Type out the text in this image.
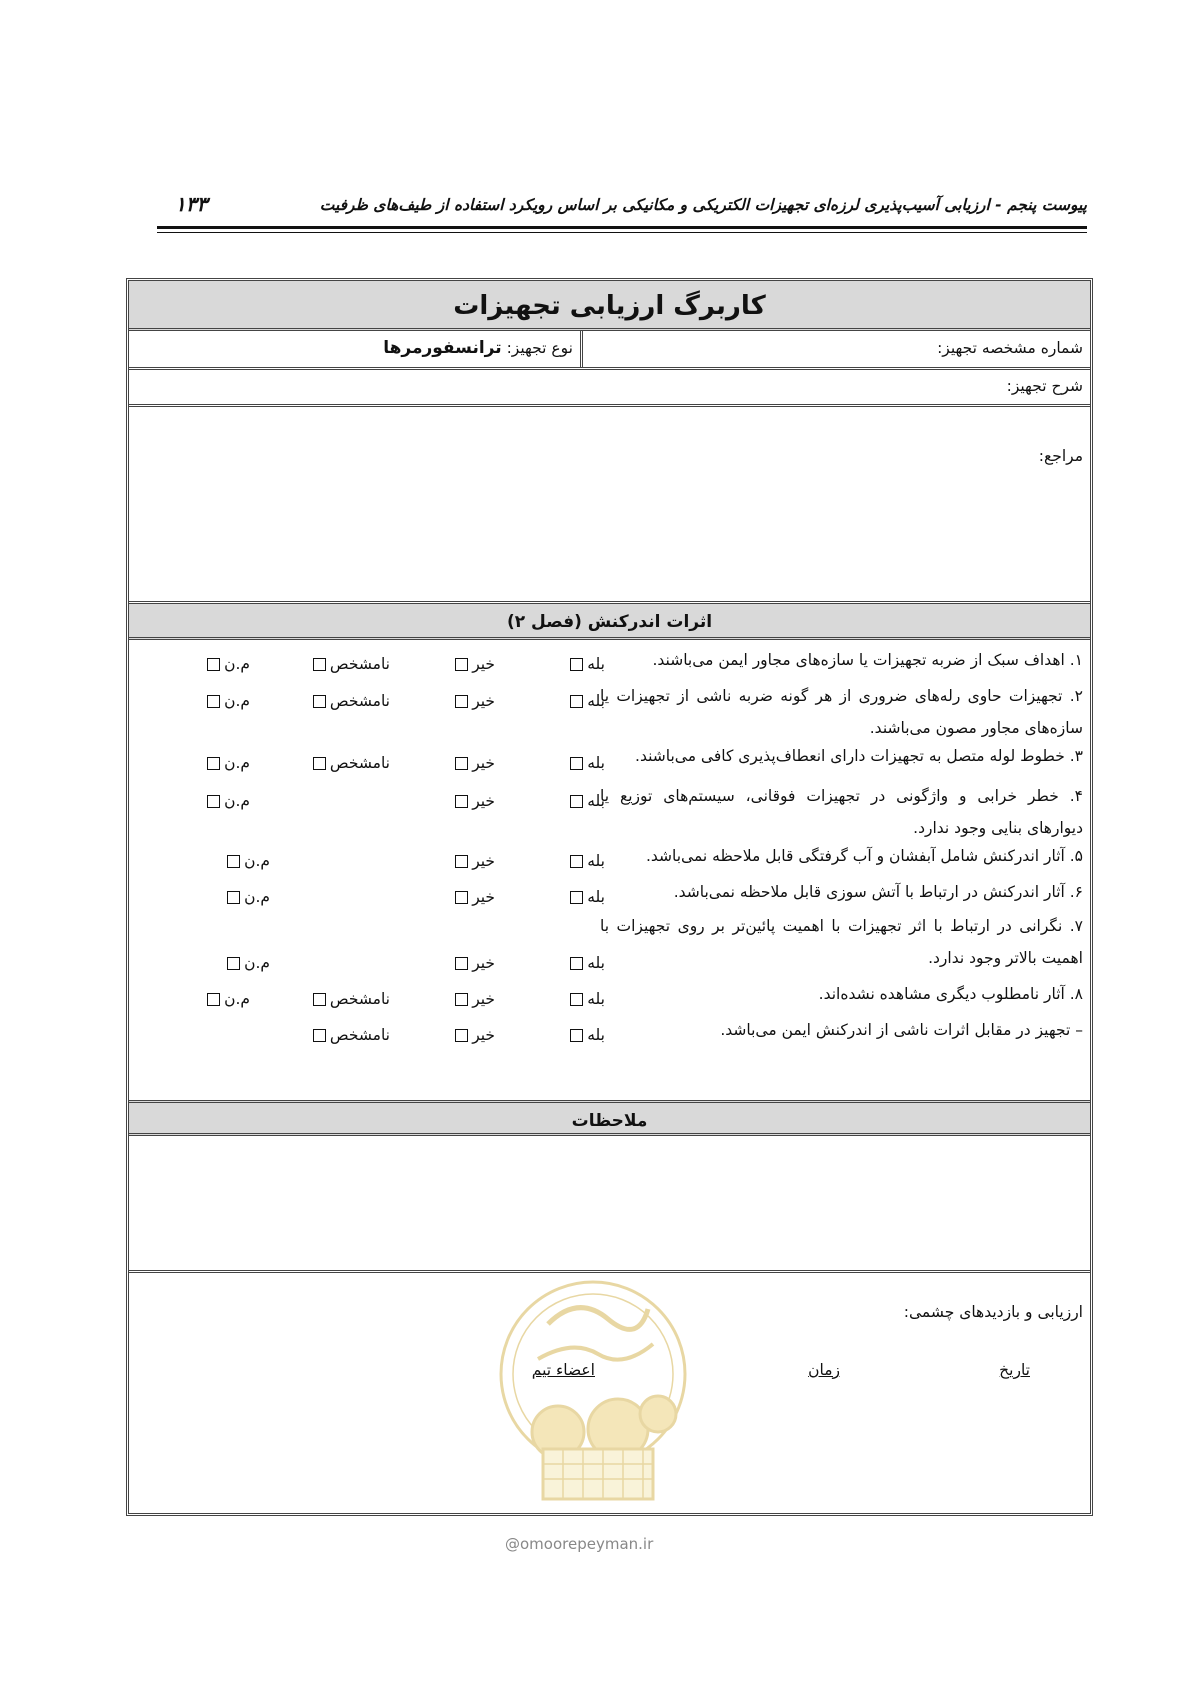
پیوست پنجم - ارزیابی آسیب‌پذیری لرزه‌ای تجهیزات الکتریکی و مکانیکی بر اساس رویکرد استفاده از طیف‌های ظرفیت
۱۳۳
کاربرگ ارزیابی تجهیزات
شماره مشخصه تجهیز:
نوع تجهیز: ترانسفورمرها
شرح تجهیز:
مراجع:
اثرات اندرکنش (فصل ۲)
۱. اهداف سبک از ضربه تجهیزات یا سازه‌های مجاور ایمن می‌باشند.
بله
خیر
نامشخص
م.ن
۲. تجهیزات حاوی رله‌های ضروری از هر گونه ضربه ناشی از تجهیزات یا سازه‌های مجاور مصون می‌باشند.
بله
خیر
نامشخص
م.ن
۳. خطوط لوله متصل به تجهیزات دارای انعطاف‌پذیری کافی می‌باشند.
بله
خیر
نامشخص
م.ن
۴. خطر خرابی و واژگونی در تجهیزات فوقانی، سیستم‌های توزیع یا دیوارهای بنایی وجود ندارد.
بله
خیر
م.ن
۵. آثار اندرکنش شامل آبفشان و آب گرفتگی قابل ملاحظه نمی‌باشد.
بله
خیر
م.ن
۶. آثار اندرکنش در ارتباط با آتش سوزی قابل ملاحظه نمی‌باشد.
بله
خیر
م.ن
۷. نگرانی در ارتباط با اثر تجهیزات با اهمیت پائین‌تر بر روی تجهیزات با اهمیت بالاتر وجود ندارد.
بله
خیر
م.ن
۸. آثار نامطلوب دیگری مشاهده نشده‌اند.
بله
خیر
نامشخص
م.ن
– تجهیز در مقابل اثرات ناشی از اندرکنش ایمن می‌باشد.
بله
خیر
نامشخص
ملاحظات
ارزیابی و بازدیدهای چشمی:
تاریخ
زمان
اعضاء تیم
@omoorepeyman.ir
